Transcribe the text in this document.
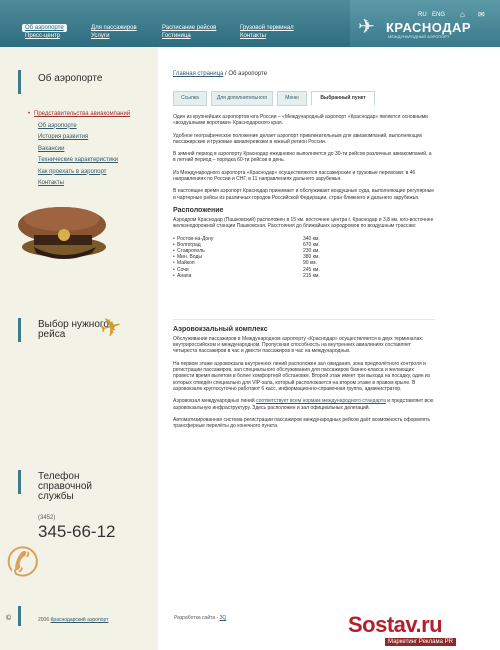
Об аэропорте	Для пассажиров	Расписание рейсов	Грузовой терминал
Пресс-центр	Услуги	Гостиница	Контакты
RU ENG ⌂ ✉
✈ КРАСНОДАР
МЕЖДУНАРОДНЫЙ АЭРОПОРТ
Об аэропорте
• Представительства авиакомпаний
Об аэропорте
История развития
Вакансии
Технические характеристики
Как проехать в аэропорт
Контакты
Выбор нужного рейса	✈
Телефон справочной службы
(3452)
345-66-12
✆
©	2006 Краснодарский аэропорт
Главная страница / Об аэропорте
Ссылка	Для дополнительного	Меню	Выбранный пункт

Один из крупнейших аэропортов юга России – «Международный аэропорт «Краснодар» является основными «воздушными воротами» Краснодарского края.

Удобное географическое положение делает аэропорт привлекательным для авиакомпаний, выполняющих пассажирские и грузовые авиаперевозки в южный регион России.

В зимний период в аэропорту Краснодар ежедневно выполняется до 30-ти рейсов различных авиакомпаний, а в летний период – порядка 60-ти рейсов в день.

Из Международного аэропорта «Краснодар» осуществляются пассажирские и грузовые перевозки: в 46 направлениях по России и СНГ, в 11 направлениях дальнего зарубежья.

В настоящее время аэропорт Краснодар принимает и обслуживает воздушные суда, выполняющие регулярные и чартерные рейсы из различных городов Российской Федерации, стран ближнего и дальнего зарубежья.

Расположение

Аэродром Краснодар (Пашковский) расположен в 15 км. восточнее центра г. Краснодар и 3,8 км. юго-восточнее железнодорожной станции Пашковская. Расстояния до ближайших аэродромов по воздушным трассам:

• Ростов-на-Дону	340 км.
• Волгоград	670 км.
• Ставрополь	230 км.
• Мин. Воды	380 км.
• Майкоп	90 км.
• Сочи	245 км.
• Анапа	215 км.
Аэровокзальный комплекс

Обслуживание пассажиров в Международном аэропорту «Краснодар» осуществляется в двух терминалах: внутрироссийском и международном. Пропускная способность на внутренних авиалиниях составляет четыреста пассажиров в час и двести пассажиров в час на международных.

На первом этаже аэровокзала внутренних линий расположен зал ожидания, зона предполётного контроля и регистрации пассажиров, зал специального обслуживания для пассажиров бизнес-класса и желающих провести время вылетом в более комфортной обстановке. Второй этаж имеет три выхода на посадку, один из которых отведён специально для VIP-зала, который расположается на втором этаже в правом крыле. В аэровокзале круглосуточно работают 6 касс, информационно-справочная группа, администратор.

Аэровокзал международных линий соответствует всем нормам международного стандарта и представляет всю аэровокзальную инфраструктуру. Здесь расположен и зал официальных делегаций.

Автоматизированная система регистрации пассажиров международных рейсов даёт возможность оформлять трансферные перелёты до конечного пункта.

Разработка сайта - 3Q	Sostav.ru
Маркетинг Реклама PR
